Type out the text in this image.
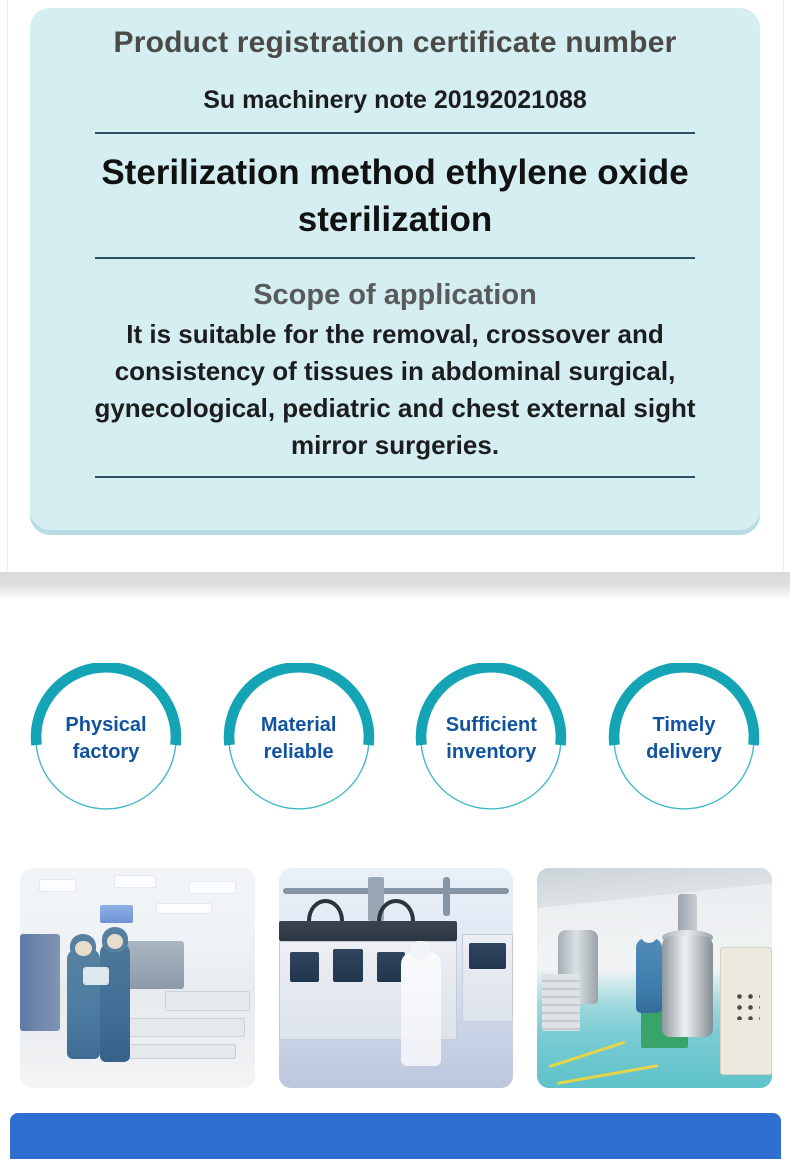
Product registration certificate number
Su machinery note 20192021088
Sterilization method ethylene oxide sterilization
Scope of application
It is suitable for the removal, crossover and consistency of tissues in abdominal surgical, gynecological, pediatric and chest external sight mirror surgeries.
Physical factory
Material reliable
Sufficient inventory
Timely delivery
